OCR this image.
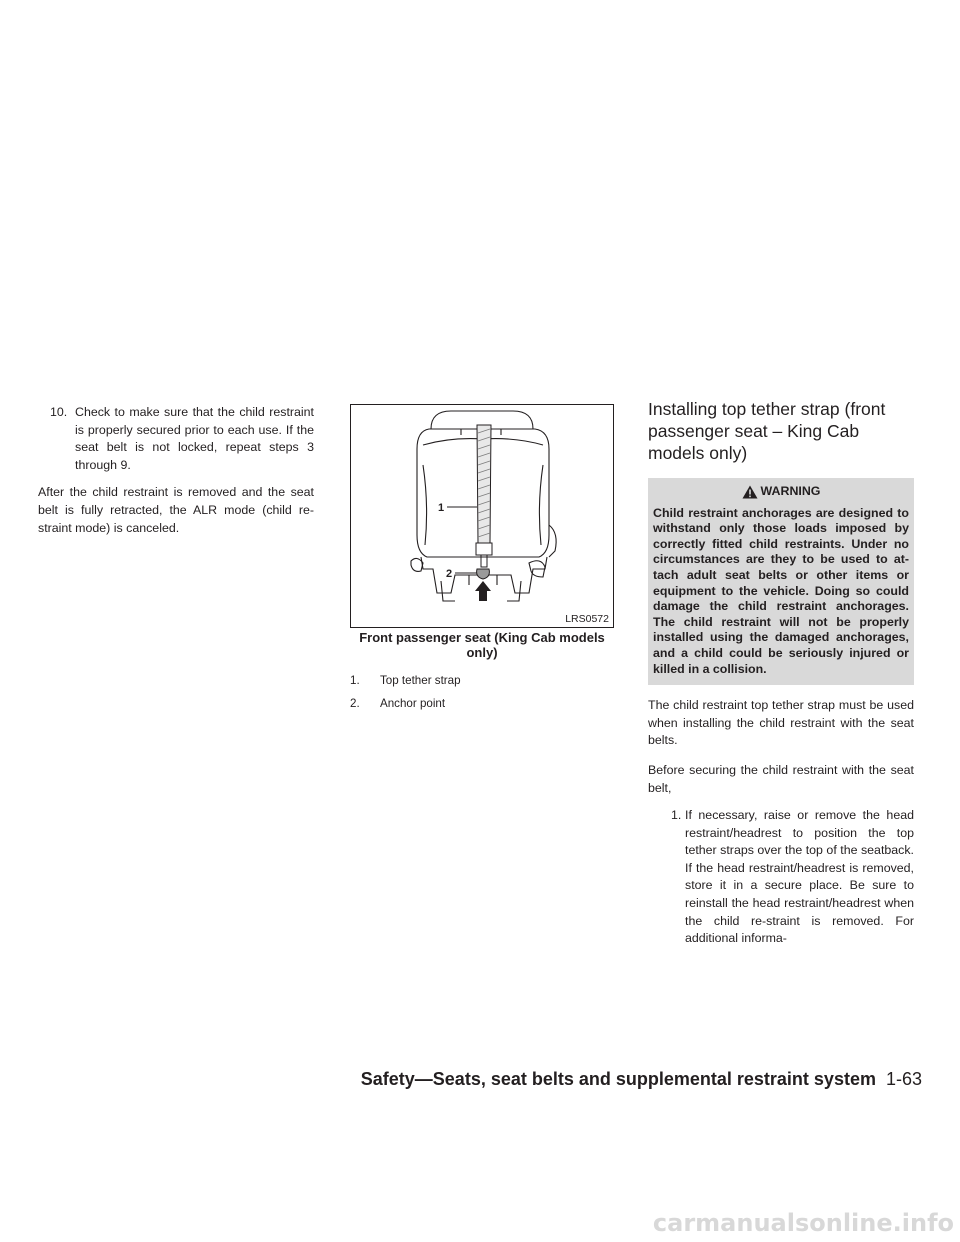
10. Check to make sure that the child restraint is properly secured prior to each use. If the seat belt is not locked, repeat steps 3 through 9.

After the child restraint is removed and the seat belt is fully retracted, the ALR mode (child re-straint mode) is canceled.

1
2
LRS0572
Front passenger seat (King Cab models only)
1.	Top tether strap
2.	Anchor point
Installing top tether strap (front passenger seat – King Cab models only)
WARNING
Child restraint anchorages are designed to withstand only those loads imposed by correctly fitted child restraints. Under no circumstances are they to be used to at-tach adult seat belts or other items or equipment to the vehicle. Doing so could damage the child restraint anchorages. The child restraint will not be properly installed using the damaged anchorages, and a child could be seriously injured or killed in a collision.

The child restraint top tether strap must be used when installing the child restraint with the seat belts.

Before securing the child restraint with the seat belt,

1. If necessary, raise or remove the head restraint/headrest to position the top tether straps over the top of the seatback. If the head restraint/headrest is removed, store it in a secure place. Be sure to reinstall the head restraint/headrest when the child re-straint is removed. For additional informa-
Safety—Seats, seat belts and supplemental restraint system 1-63
carmanualsonline.info
